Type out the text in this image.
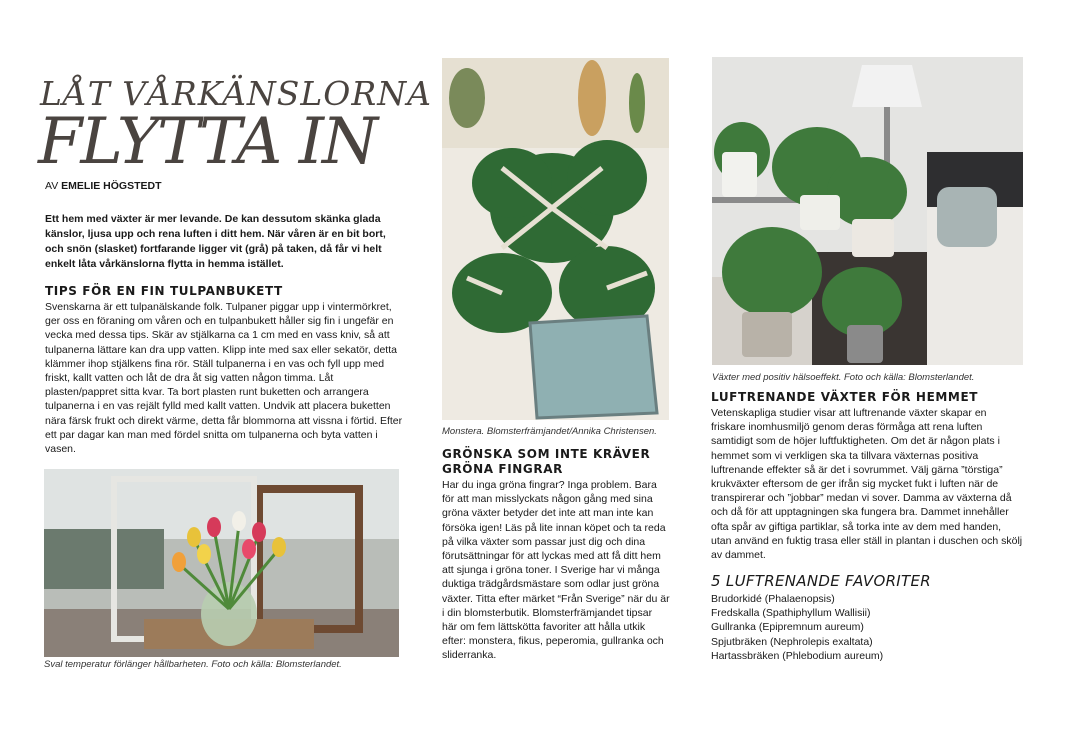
LÅT VÅRKÄNSLORNA
FLYTTA IN
AV EMELIE HÖGSTEDT
Ett hem med växter är mer levande. De kan dessutom skänka glada känslor, ljusa upp och rena luften i ditt hem. När våren är en bit bort, och snön (slasket) fortfarande ligger vit (grå) på taken, då får vi helt enkelt låta vårkänslorna flytta in hemma istället.
TIPS FÖR EN FIN TULPANBUKETT
Svenskarna är ett tulpanälskande folk. Tulpaner piggar upp i vintermörkret, ger oss en föraning om våren och en tulpanbukett håller sig fin i ungefär en vecka med dessa tips. Skär av stjälkarna ca 1 cm med en vass kniv, så att tulpanerna lättare kan dra upp vatten. Klipp inte med sax eller sekatör, detta klämmer ihop stjälkens fina rör. Ställ tulpanerna i en vas och fyll upp med friskt, kallt vatten och låt de dra åt sig vatten någon timma. Låt plasten/pappret sitta kvar. Ta bort plasten runt buketten och arrangera tulpanerna i en vas rejält fylld med kallt vatten. Undvik att placera buketten nära färsk frukt och direkt värme, detta får blommorna att vissna i förtid. Efter ett par dagar kan man med fördel snitta om tulpanerna och byta vatten i vasen.
Sval temperatur förlänger hållbarheten. Foto och källa: Blomsterlandet.
Monstera. Blomsterfrämjandet/Annika Christensen.
GRÖNSKA SOM INTE KRÄVER GRÖNA FINGRAR
Har du inga gröna fingrar? Inga problem. Bara för att man misslyckats någon gång med sina gröna växter betyder det inte att man inte kan försöka igen! Läs på lite innan köpet och ta reda på vilka växter som passar just dig och dina förutsättningar för att lyckas med att få ditt hem att sjunga i gröna toner. I Sverige har vi många duktiga trädgårdsmästare som odlar just gröna växter. Titta efter märket “Från Sverige” när du är i din blomsterbutik. Blomsterfrämjandet tipsar här om fem lättskötta favoriter att hålla utkik efter: monstera, fikus, peperomia, gullranka och sliderranka.
Växter med positiv hälsoeffekt. Foto och källa: Blomsterlandet.
LUFTRENANDE VÄXTER FÖR HEMMET
Vetenskapliga studier visar att luftrenande växter skapar en friskare inomhusmiljö genom deras förmåga att rena luften samtidigt som de höjer luftfuktigheten. Om det är någon plats i hemmet som vi verkligen ska ta tillvara växternas positiva luftrenande effekter så är det i sovrummet. Välj gärna ”törstiga” krukväxter eftersom de ger ifrån sig mycket fukt i luften när de transpirerar och ”jobbar” medan vi sover. Damma av växterna då och då för att upptagningen ska fungera bra. Dammet innehåller ofta spår av giftiga partiklar, så torka inte av dem med handen, utan använd en fuktig trasa eller ställ in plantan i duschen och skölj av dammet.
5 LUFTRENANDE FAVORITER
Brudorkidé (Phalaenopsis)
Fredskalla (Spathiphyllum Wallisii)
Gullranka (Epipremnum aureum)
Spjutbräken (Nephrolepis exaltata)
Hartassbräken (Phlebodium aureum)
